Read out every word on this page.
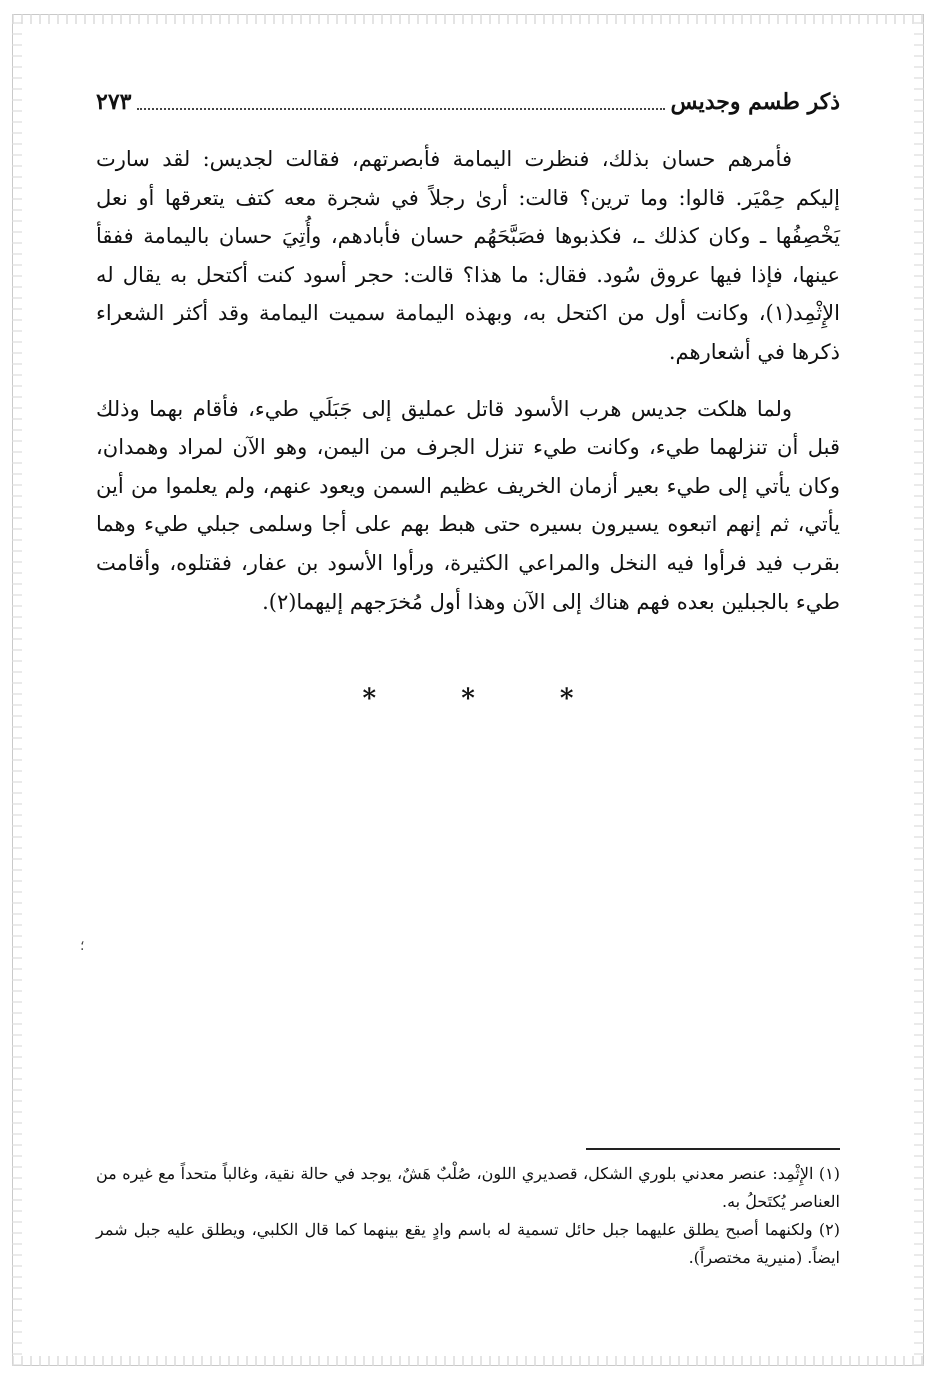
ذكر طسم وجديس
٢٧٣

فأمرهم حسان بذلك، فنظرت اليمامة فأبصرتهم، فقالت لجديس: لقد سارت إليكم حِمْيَر. قالوا: وما ترين؟ قالت: أرىٰ رجلاً في شجرة معه كتف يتعرقها أو نعل يَخْصِفُها ـ وكان كذلك ـ، فكذبوها فصَبَّحَهُم حسان فأبادهم، وأُتِيَ حسان باليمامة ففقأ عينها، فإذا فيها عروق سُود. فقال: ما هذا؟ قالت: حجر أسود كنت أكتحل به يقال له الإِثْمِد(١)، وكانت أول من اكتحل به، وبهذه اليمامة سميت اليمامة وقد أكثر الشعراء ذكرها في أشعارهم.

ولما هلكت جديس هرب الأسود قاتل عمليق إلى جَبَلَي طيء، فأقام بهما وذلك قبل أن تنزلهما طيء، وكانت طيء تنزل الجرف من اليمن، وهو الآن لمراد وهمدان، وكان يأتي إلى طيء بعير أزمان الخريف عظيم السمن ويعود عنهم، ولم يعلموا من أين يأتي، ثم إنهم اتبعوه يسيرون بسيره حتى هبط بهم على أجا وسلمى جبلي طيء وهما بقرب فيد فرأوا فيه النخل والمراعي الكثيرة، ورأوا الأسود بن عفار، فقتلوه، وأقامت طيء بالجبلين بعده فهم هناك إلى الآن وهذا أول مُخرَجهم إليهما(٢).

*	*	*
؛

(١) الإِثْمِد: عنصر معدني بلوري الشكل، قصديري اللون، صُلْبٌ هَشٌ، يوجد في حالة نقية، وغالباً متحداً مع غيره من العناصر يُكتَحلُ به.

(٢) ولكنهما أصبح يطلق عليهما جبل حائل تسمية له باسم وادٍ يقع بينهما كما قال الكلبي، ويطلق عليه جبل شمر ايضاً. (منيرية مختصراً).
